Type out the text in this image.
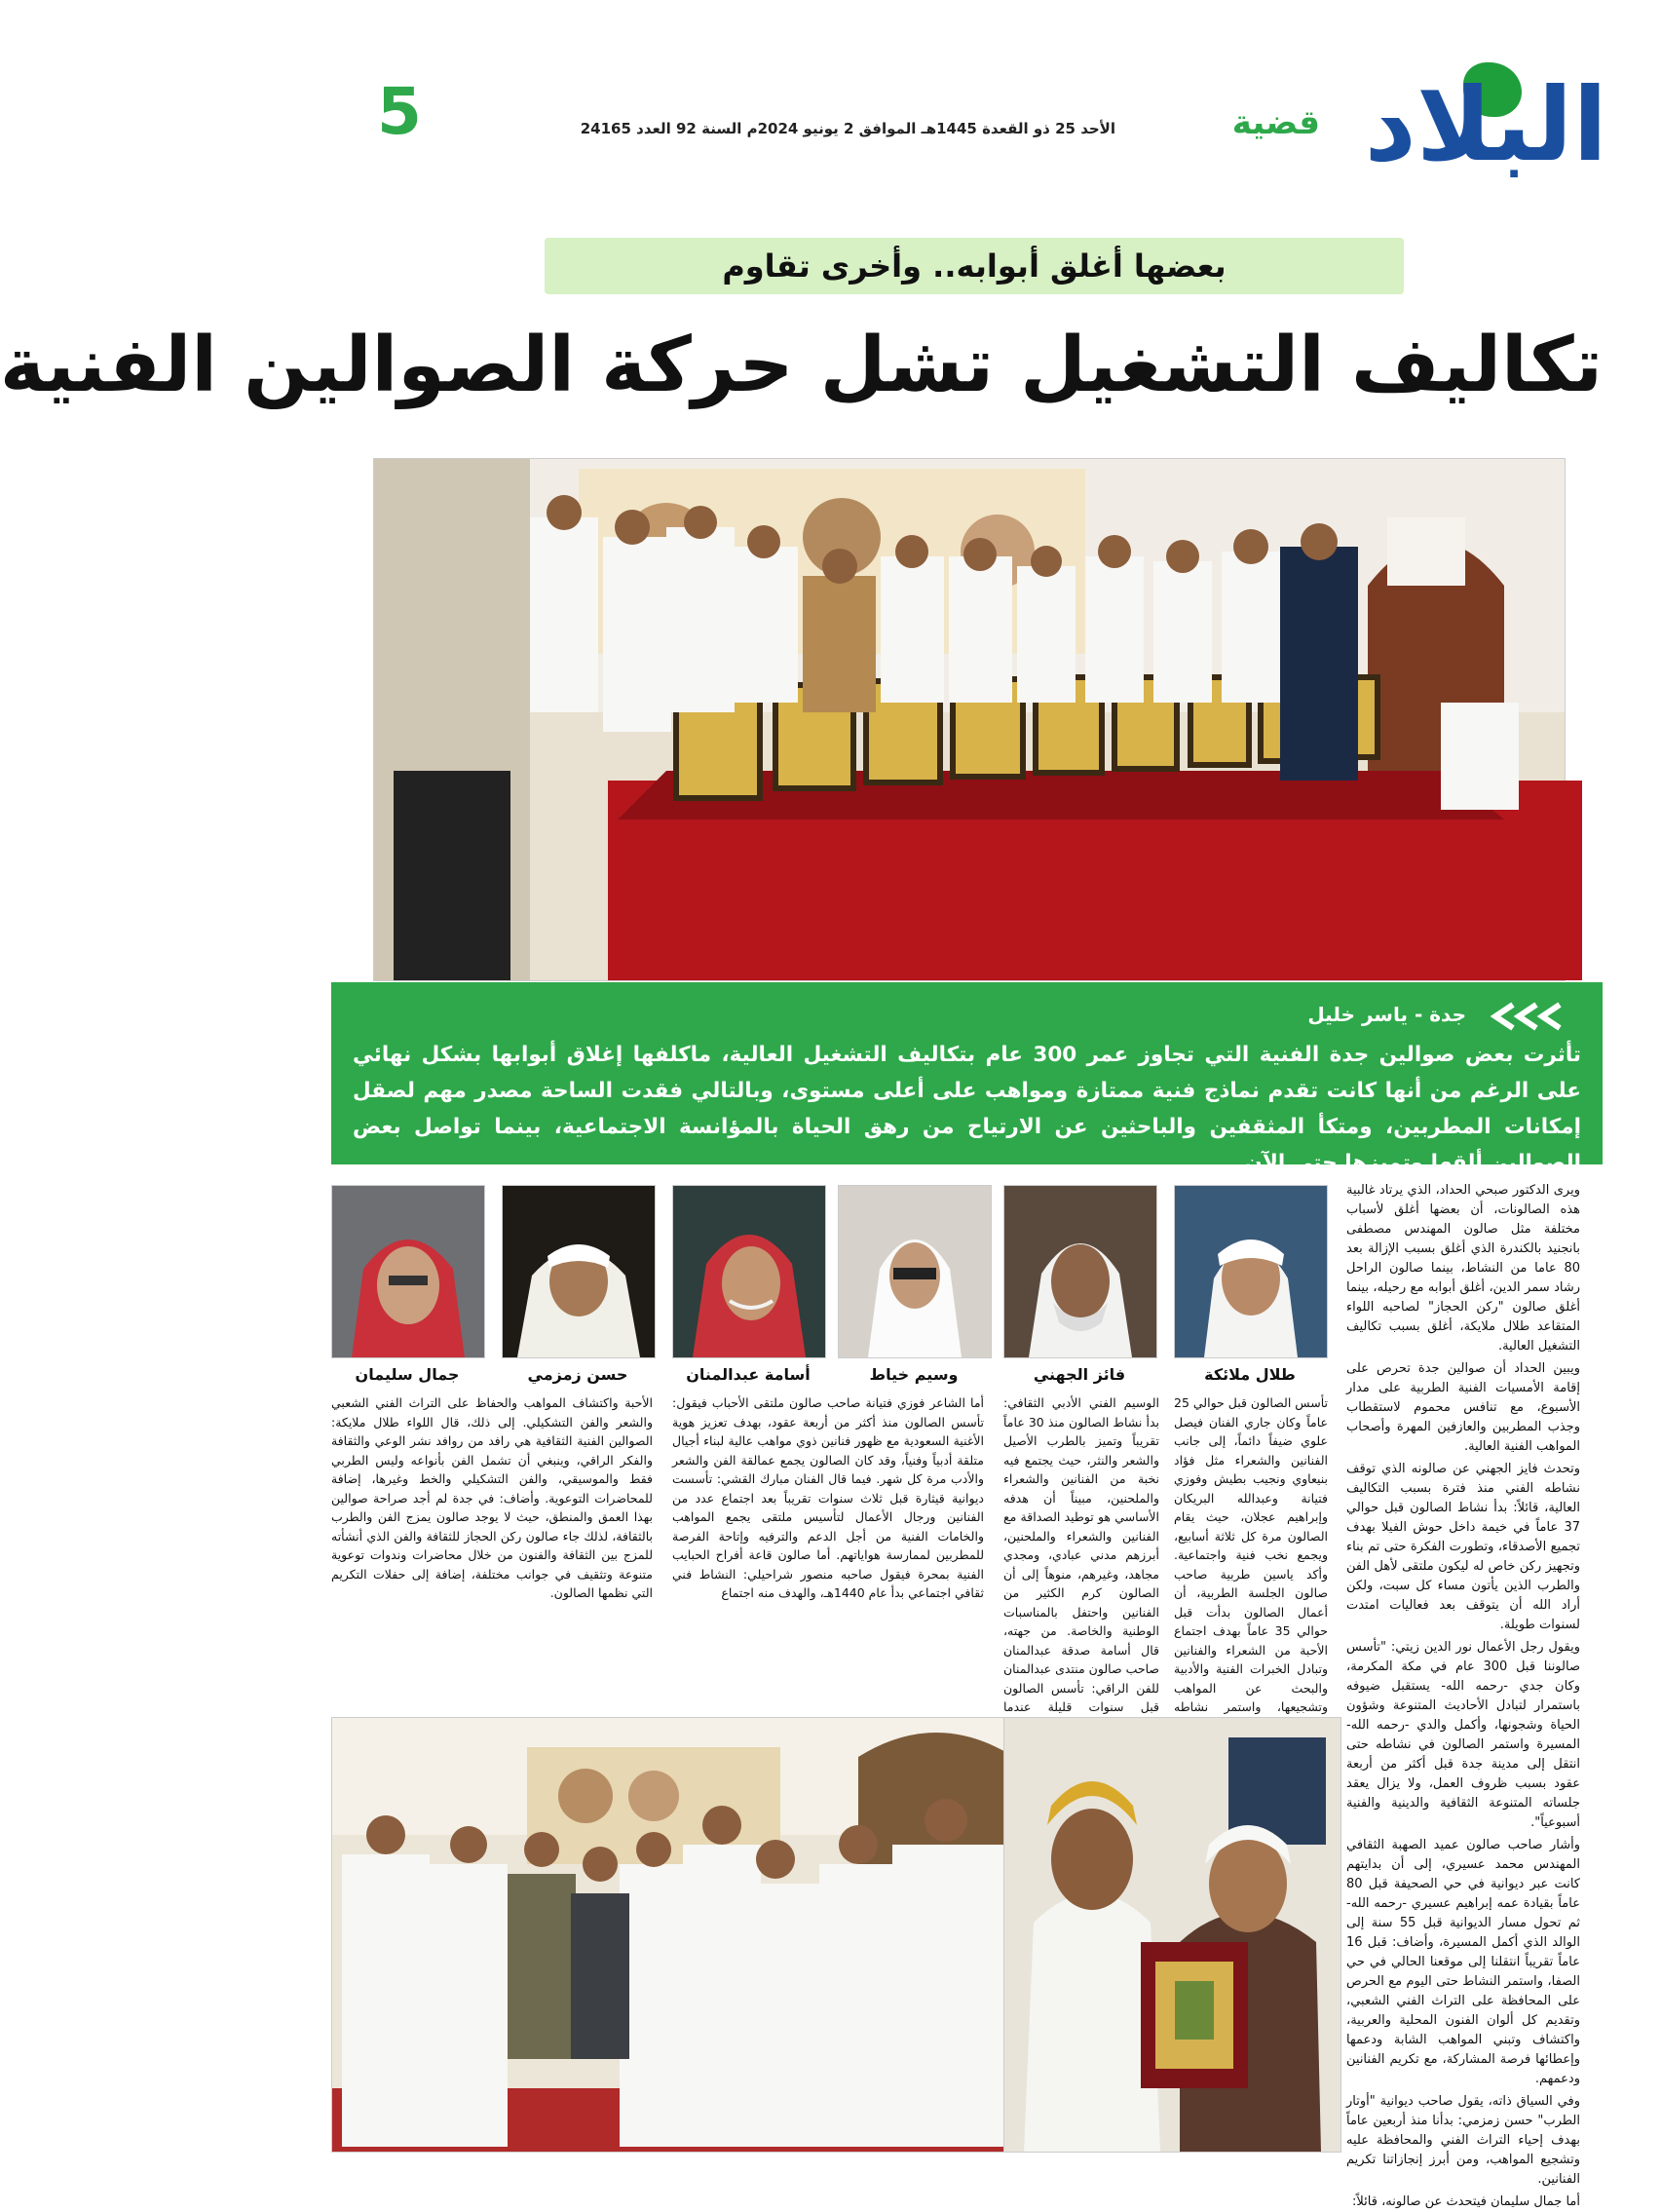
البلاد
قضية
الأحد 25 ذو القعدة 1445هـ الموافق 2 يونيو 2024م السنة 92 العدد 24165
5
بعضها أغلق أبوابه.. وأخرى تقاوم
تكاليف التشغيل تشل حركة الصوالين الفنية
جدة - ياسر خليل
تأثرت بعض صوالين جدة الفنية التي تجاوز عمر 300 عام بتكاليف التشغيل العالية، ماكلفها إغلاق أبوابها بشكل نهائي على الرغم من أنها كانت تقدم نماذج فنية ممتازة ومواهب على أعلى مستوى، وبالتالي فقدت الساحة مصدر مهم لصقل إمكانات المطربين، ومتكأ المثقفين والباحثين عن الارتياح من رهق الحياة بالمؤانسة الاجتماعية، بينما تواصل بعض الصوالين ألقها وتميزها حتى الآن.

ويرى الدكتور صبحي الحداد، الذي يرتاد غالبية هذه الصالونات، أن بعضها أغلق لأسباب مختلفة مثل صالون المهندس مصطفى بانجنيد بالكندرة الذي أغلق بسبب الإزالة بعد 80 عاما من النشاط، بينما صالون الراحل رشاد سمر الدين، أغلق أبوابه مع رحيله، بينما أغلق صالون "ركن الحجاز" لصاحبه اللواء المتقاعد طلال ملايكة، أغلق بسبب تكاليف التشغيل العالية.

ويبين الحداد أن صوالين جدة تحرص على إقامة الأمسيات الفنية الطربية على مدار الأسبوع، مع تنافس محموم لاستقطاب وجذب المطربين والعازفين المهرة وأصحاب المواهب الفنية العالية.

وتحدث فايز الجهني عن صالونه الذي توقف نشاطه الفني منذ فترة بسبب التكاليف العالية، قائلاً: بدأ نشاط الصالون قبل حوالي 37 عاماً في خيمة داخل حوش الفيلا بهدف تجميع الأصدقاء، وتطورت الفكرة حتى تم بناء وتجهيز ركن خاص له ليكون ملتقى لأهل الفن والطرب الذين يأتون مساء كل سبت، ولكن أراد الله أن يتوقف بعد فعاليات امتدت لسنوات طويلة.

ويقول رجل الأعمال نور الدين زيتي: "تأسس صالوننا قبل 300 عام في مكة المكرمة، وكان جدي -رحمه الله- يستقبل ضيوفه باستمرار لتبادل الأحاديث المتنوعة وشؤون الحياة وشجونها، وأكمل والدي -رحمه الله- المسيرة واستمر الصالون في نشاطه حتى انتقل إلى مدينة جدة قبل أكثر من أربعة عقود بسبب ظروف العمل، ولا يزال يعقد جلساته المتنوعة الثقافية والدينية والفنية أسبوعياً".

وأشار صاحب صالون عميد الصهبة الثقافي المهندس محمد عسيري، إلى أن بدايتهم كانت عبر ديوانية في حي الصحيفة قبل 80 عاماً بقيادة عمه إبراهيم عسيري -رحمه الله- ثم تحول مسار الديوانية قبل 55 سنة إلى الوالد الذي أكمل المسيرة، وأضاف: قبل 16 عاماً تقريباً انتقلنا إلى موقعنا الحالي في حي الصفا، واستمر النشاط حتى اليوم مع الحرص على المحافظة على التراث الفني الشعبي، وتقديم كل ألوان الفنون المحلية والعربية، واكتشاف وتبني المواهب الشابة ودعمها وإعطائها فرصة المشاركة، مع تكريم الفنانين ودعمهم.

وفي السياق ذاته، يقول صاحب ديوانية "أوتار الطرب" حسن زمزمي: بدأنا منذ أربعين عاماً بهدف إحياء التراث الفني والمحافظة عليه وتشجيع المواهب، ومن أبرز إنجازاتنا تكريم الفنانين.

أما جمال سليمان فيتحدث عن صالونه، قائلاً:

طلال ملائكة
فائز الجهني
وسيم خياط
أسامة عبدالمنان
حسن زمزمي
جمال سليمان
تأسس الصالون قبل حوالي 25 عاماً وكان جاري الفنان فيصل علوي ضيفاً دائماً، إلى جانب الفنانين والشعراء مثل فؤاد بنيعاوي ونجيب بطيش وفوزي فتيانة وعبدالله البريكان وإبراهيم عجلان، حيث يقام الصالون مرة كل ثلاثة أسابيع، ويجمع نخب فنية واجتماعية. وأكد ياسين طربية صاحب صالون الجلسة الطربية، أن أعمال الصالون بدأت قبل حوالي 35 عاماً بهدف اجتماع الأحبة من الشعراء والفنانين وتبادل الخبرات الفنية والأدبية والبحث عن المواهب وتشجيعها، واستمر نشاطه
الوسيم الفني الأدبي الثقافي: بدأ نشاط الصالون منذ 30 عاماً تقريباً وتميز بالطرب الأصيل والشعر والنثر، حيث يجتمع فيه نخبة من الفنانين والشعراء والملحنين، مبيناً أن هدفه الأساسي هو توطيد الصداقة مع الفنانين والشعراء والملحنين، أبرزهم مدني عبادي، ومجدي مجاهد، وغيرهم، منوهاً إلى أن الصالون كرم الكثير من الفنانين واحتفل بالمناسبات الوطنية والخاصة. من جهته، قال أسامة صدقة عبدالمنان صاحب صالون منتدى عبدالمنان للفن الراقي: تأسس الصالون قبل سنوات قليلة عندما
أما الشاعر فوزي فتيانة صاحب صالون ملتقى الأحباب فيقول: تأسس الصالون منذ أكثر من أربعة عقود، بهدف تعزيز هوية الأغنية السعودية مع ظهور فنانين ذوي مواهب عالية لبناء أجيال متلقة أدبياً وفنياً، وقد كان الصالون يجمع عمالقة الفن والشعر والأدب مرة كل شهر. فيما قال الفنان مبارك القشي: تأسست ديوانية قيثارة قبل ثلاث سنوات تقريباً بعد اجتماع عدد من الفنانين ورجال الأعمال لتأسيس ملتقى يجمع المواهب والخامات الفنية من أجل الدعم والترفيه وإتاحة الفرصة للمطربين لممارسة هواياتهم. أما صالون قاعة أفراح الحبايب الفنية بمحرة فيقول صاحبه منصور شراحيلي: النشاط فني ثقافي اجتماعي بدأ عام 1440هـ، والهدف منه اجتماع
الأحبة واكتشاف المواهب والحفاظ على التراث الفني الشعبي والشعر والفن التشكيلي. إلى ذلك، قال اللواء طلال ملايكة: الصوالين الفنية الثقافية هي رافد من روافد نشر الوعي والثقافة والفكر الراقي، وينبغي أن تشمل الفن بأنواعه وليس الطربي فقط والموسيقي، والفن التشكيلي والخط وغيرها، إضافة للمحاضرات التوعوية. وأضاف: في جدة لم أجد صراحة صوالين بهذا العمق والمنطق، حيث لا يوجد صالون يمزج الفن والطرب بالثقافة، لذلك جاء صالون ركن الحجاز للثقافة والفن الذي أنشأته للمزج بين الثقافة والفنون من خلال محاضرات وندوات توعوية متنوعة وتثقيف في جوانب مختلفة، إضافة إلى حفلات التكريم التي نظمها الصالون.
